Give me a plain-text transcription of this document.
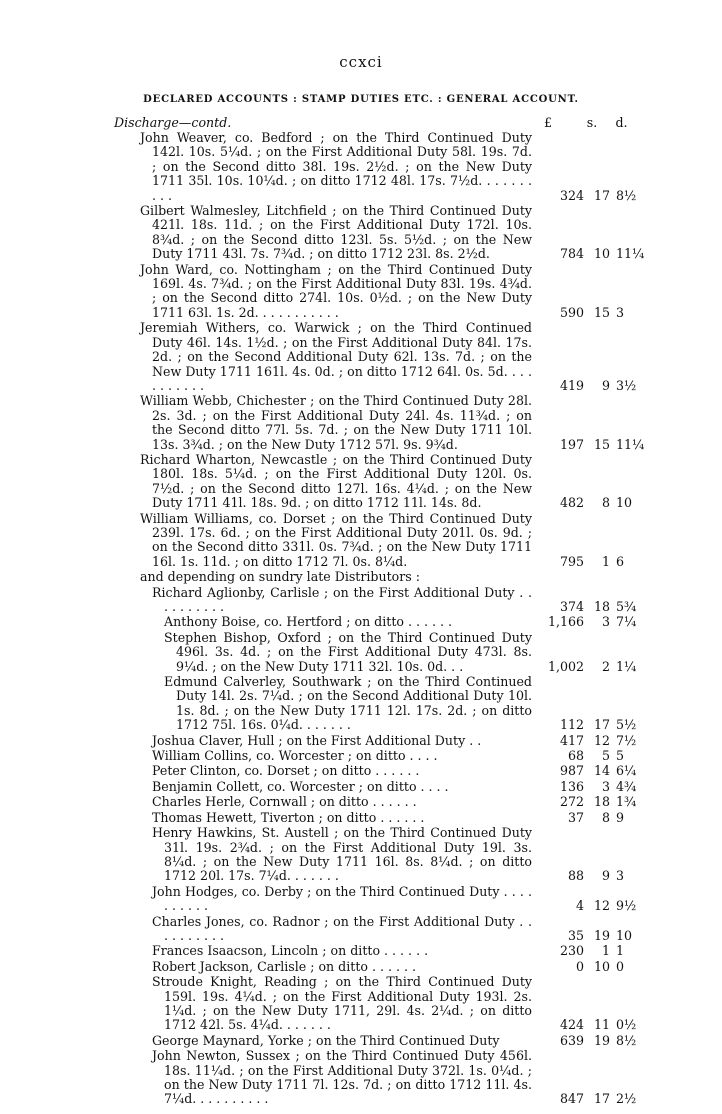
ccxci
DECLARED ACCOUNTS : STAMP DUTIES ETC. : GENERAL ACCOUNT.
Discharge—contd.	£	s.	d.
John Weaver, co. Bedford ; on the Third Continued Duty 142l. 10s. 5¼d. ; on the First Additional Duty 58l. 19s. 7d. ; on the Second ditto 38l. 19s. 2½d. ; on the New Duty 1711 35l. 10s. 10¼d. ; on ditto 1712 48l. 17s. 7½d. . . . . . . . . .	324 17 8½
Gilbert Walmesley, Litchfield ; on the Third Continued Duty 421l. 18s. 11d. ; on the First Additional Duty 172l. 10s. 8¾d. ; on the Second ditto 123l. 5s. 5½d. ; on the New Duty 1711 43l. 7s. 7¾d. ; on ditto 1712 23l. 8s. 2½d.	784 10 11¼
John Ward, co. Nottingham ; on the Third Continued Duty 169l. 4s. 7¾d. ; on the First Additional Duty 83l. 19s. 4¾d. ; on the Second ditto 274l. 10s. 0½d. ; on the New Duty 1711 63l. 1s. 2d. . . . . . . . . . .	590 15 3
Jeremiah Withers, co. Warwick ; on the Third Continued Duty 46l. 14s. 1½d. ; on the First Additional Duty 84l. 17s. 2d. ; on the Second Additional Duty 62l. 13s. 7d. ; on the New Duty 1711 161l. 4s. 0d. ; on ditto 1712 64l. 0s. 5d. . . . . . . . . . .	419	9 3½
William Webb, Chichester ; on the Third Continued Duty 28l. 2s. 3d. ; on the First Additional Duty 24l. 4s. 11¾d. ; on the Second ditto 77l. 5s. 7d. ; on the New Duty 1711 10l. 13s. 3¾d. ; on the New Duty 1712 57l. 9s. 9¾d.	197 15 11¼
Richard Wharton, Newcastle ; on the Third Continued Duty 180l. 18s. 5¼d. ; on the First Additional Duty 120l. 0s. 7½d. ; on the Second ditto 127l. 16s. 4¼d. ; on the New Duty 1711 41l. 18s. 9d. ; on ditto 1712 11l. 14s. 8d.	482	8 10
William Williams, co. Dorset ; on the Third Continued Duty 239l. 17s. 6d. ; on the First Additional Duty 201l. 0s. 9d. ; on the Second ditto 331l. 0s. 7¾d. ; on the New Duty 1711 16l. 1s. 11d. ; on ditto 1712 7l. 0s. 8¼d.	795	1 6
and depending on sundry late Distributors :
Richard Aglionby, Carlisle ; on the First Additional Duty . . . . . . . . . .	374 18 5¾
Anthony Boise, co. Hertford ; on ditto . . . . . .	1,166	3 7¼
Stephen Bishop, Oxford ; on the Third Continued Duty 496l. 3s. 4d. ; on the First Additional Duty 473l. 8s. 9¼d. ; on the New Duty 1711 32l. 10s. 0d. . .	1,002	2 1¼
Edmund Calverley, Southwark ; on the Third Continued Duty 14l. 2s. 7¼d. ; on the Second Additional Duty 10l. 1s. 8d. ; on the New Duty 1711 12l. 17s. 2d. ; on ditto 1712 75l. 16s. 0¼d. . . . . . .	112 17 5½
Joshua Claver, Hull ; on the First Additional Duty . .	417 12 7½
William Collins, co. Worcester ; on ditto . . . .	68	5 5
Peter Clinton, co. Dorset ; on ditto . . . . . .	987 14 6¼
Benjamin Collett, co. Worcester ; on ditto . . . .	136	3 4¾
Charles Herle, Cornwall ; on ditto . . . . . .	272 18 1¾
Thomas Hewett, Tiverton ; on ditto . . . . . .	37	8 9
Henry Hawkins, St. Austell ; on the Third Continued Duty 31l. 19s. 2¾d. ; on the First Additional Duty 19l. 3s. 8¼d. ; on the New Duty 1711 16l. 8s. 8¼d. ; on ditto 1712 20l. 17s. 7¼d. . . . . . .	88	9 3
John Hodges, co. Derby ; on the Third Continued Duty . . . . . . . . . .	4 12 9½
Charles Jones, co. Radnor ; on the First Additional Duty . . . . . . . . . .	35 19 10
Frances Isaacson, Lincoln ; on ditto . . . . . .	230	1 1
Robert Jackson, Carlisle ; on ditto . . . . . .	0 10 0
Stroude Knight, Reading ; on the Third Continued Duty 159l. 19s. 4¼d. ; on the First Additional Duty 193l. 2s. 1¼d. ; on the New Duty 1711, 29l. 4s. 2¼d. ; on ditto 1712 42l. 5s. 4¼d. . . . . . .	424 11 0½
George Maynard, Yorke ; on the Third Continued Duty	639 19 8½
John Newton, Sussex ; on the Third Continued Duty 456l. 18s. 11¼d. ; on the First Additional Duty 372l. 1s. 0¼d. ; on the New Duty 1711 7l. 12s. 7d. ; on ditto 1712 11l. 4s. 7¼d. . . . . . . . . .	847 17 2½
